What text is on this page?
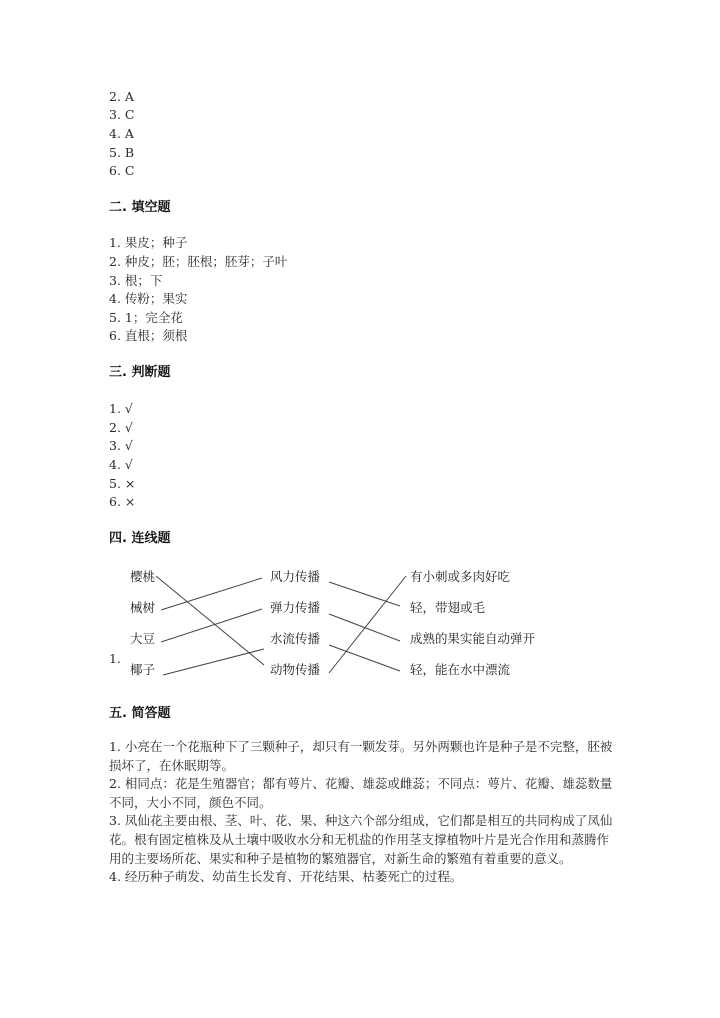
2. A
3. C
4. A
5. B
6. C
二. 填空题
1. 果皮；种子
2. 种皮；胚；胚根；胚芽；子叶
3. 根；下
4. 传粉；果实
5. 1；完全花
6. 直根；须根
三. 判断题
1. √
2. √
3. √
4. √
5. ×
6. ×
四. 连线题
1.
樱桃
械树
大豆
椰子
风力传播
弹力传播
水流传播
动物传播
有小刺或多肉好吃
轻，带翅或毛
成熟的果实能自动弹开
轻，能在水中漂流
五. 简答题

1. 小亮在一个花瓶种下了三颗种子，却只有一颗发芽。另外两颗也许是种子是不完整，胚被损坏了，在休眠期等。

2. 相同点：花是生殖器官；都有萼片、花瓣、雄蕊或雌蕊；不同点：萼片、花瓣、雄蕊数量不同，大小不同，颜色不同。

3. 凤仙花主要由根、茎、叶、花、果、种这六个部分组成，它们都是相互的共同构成了凤仙花。根有固定植株及从土壤中吸收水分和无机盐的作用茎支撑植物叶片是光合作用和蒸腾作用的主要场所花、果实和种子是植物的繁殖器官，对新生命的繁殖有着重要的意义。

4. 经历种子萌发、幼苗生长发育、开花结果、枯萎死亡的过程。
